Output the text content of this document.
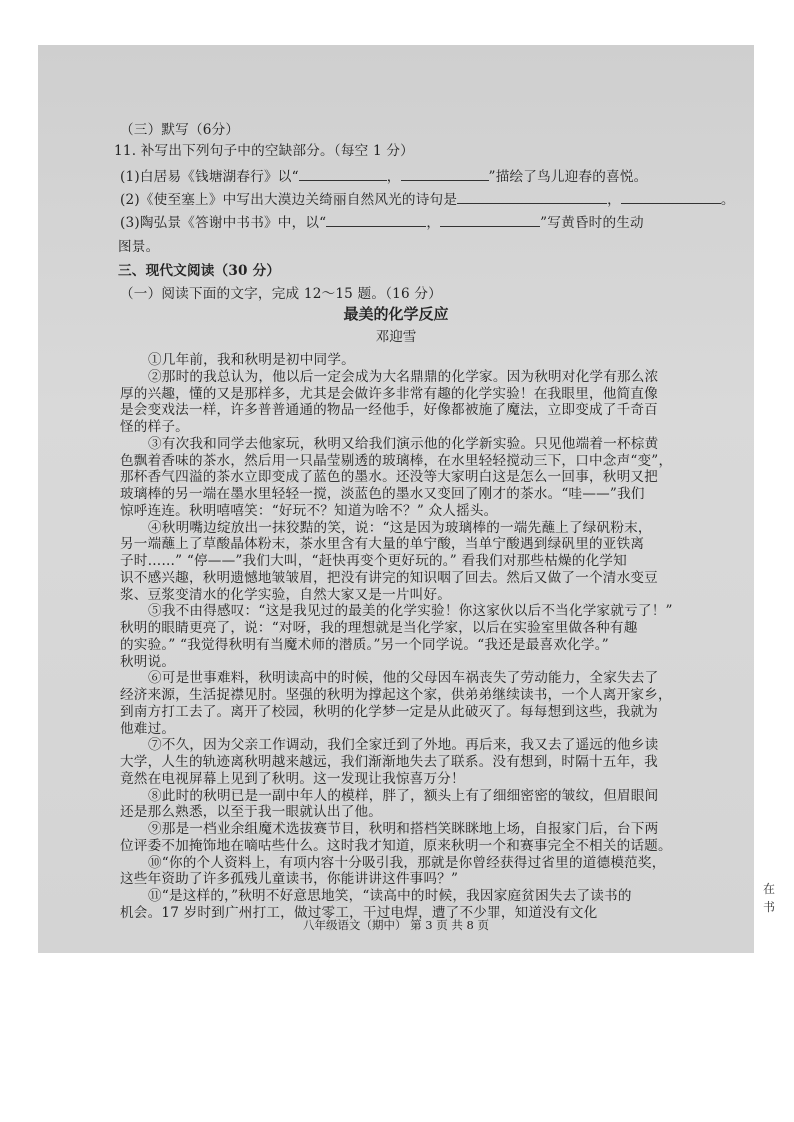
（三）默写（6分）
11. 补写出下列句子中的空缺部分。（每空 1 分）
(1)白居易《钱塘湖春行》以“	，	”描绘了鸟儿迎春的喜悦。
(2)《使至塞上》中写出大漠边关绮丽自然风光的诗句是	，	。
(3)陶弘景《答谢中书书》中，以“	，	”写黄昏时的生动
图景。
三、现代文阅读（30 分）
（一）阅读下面的文字，完成 12～15 题。（16 分）
最美的化学反应
邓迎雪
①几年前，我和秋明是初中同学。
②那时的我总认为，他以后一定会成为大名鼎鼎的化学家。因为秋明对化学有那么浓
厚的兴趣，懂的又是那样多，尤其是会做许多非常有趣的化学实验！在我眼里，他简直像
是会变戏法一样，许多普普通通的物品一经他手，好像都被施了魔法，立即变成了千奇百
怪的样子。
③有次我和同学去他家玩，秋明又给我们演示他的化学新实验。只见他端着一杯棕黄
色飘着香味的茶水，然后用一只晶莹剔透的玻璃棒，在水里轻轻搅动三下，口中念声“变”，
那杯香气四溢的茶水立即变成了蓝色的墨水。还没等大家明白这是怎么一回事，秋明又把
玻璃棒的另一端在墨水里轻轻一搅，淡蓝色的墨水又变回了刚才的茶水。“哇——”我们
惊呼连连。秋明嘻嘻笑：“好玩不？知道为啥不？” 众人摇头。
④秋明嘴边绽放出一抹狡黠的笑，说：“这是因为玻璃棒的一端先蘸上了绿矾粉末，
另一端蘸上了草酸晶体粉末，茶水里含有大量的单宁酸，当单宁酸遇到绿矾里的亚铁离
子时……” “停——”我们大叫，“赶快再变个更好玩的。” 看我们对那些枯燥的化学知
识不感兴趣，秋明遗憾地皱皱眉，把没有讲完的知识咽了回去。然后又做了一个清水变豆
浆、豆浆变清水的化学实验，自然大家又是一片叫好。
⑤我不由得感叹：“这是我见过的最美的化学实验！你这家伙以后不当化学家就亏了！”
秋明的眼睛更亮了，说：“对呀，我的理想就是当化学家，以后在实验室里做各种有趣
的实验。” “我觉得秋明有当魔术师的潜质。”另一个同学说。“我还是最喜欢化学。”
秋明说。
⑥可是世事难料，秋明读高中的时候，他的父母因车祸丧失了劳动能力，全家失去了
经济来源，生活捉襟见肘。坚强的秋明为撑起这个家，供弟弟继续读书，一个人离开家乡，
到南方打工去了。离开了校园，秋明的化学梦一定是从此破灭了。每每想到这些，我就为
他难过。
⑦不久，因为父亲工作调动，我们全家迁到了外地。再后来，我又去了遥远的他乡读
大学，人生的轨迹离秋明越来越远，我们渐渐地失去了联系。没有想到，时隔十五年，我
竟然在电视屏幕上见到了秋明。这一发现让我惊喜万分！
⑧此时的秋明已是一副中年人的模样，胖了，额头上有了细细密密的皱纹，但眉眼间
还是那么熟悉，以至于我一眼就认出了他。
⑨那是一档业余组魔术选拔赛节目，秋明和搭档笑眯眯地上场，自报家门后，台下两
位评委不加掩饰地在嘀咕些什么。这时我才知道，原来秋明一个和赛事完全不相关的话题。
⑩“你的个人资料上，有项内容十分吸引我，那就是你曾经获得过省里的道德模范奖，
这些年资助了许多孤残儿童读书，你能讲讲这件事吗？”
⑪“是这样的，”秋明不好意思地笑，“读高中的时候，我因家庭贫困失去了读书的
机会。17 岁时到广州打工，做过零工，干过电焊，遭了不少罪，知道没有文化
八年级语文（期中） 第 3 页 共 8 页
在
书
